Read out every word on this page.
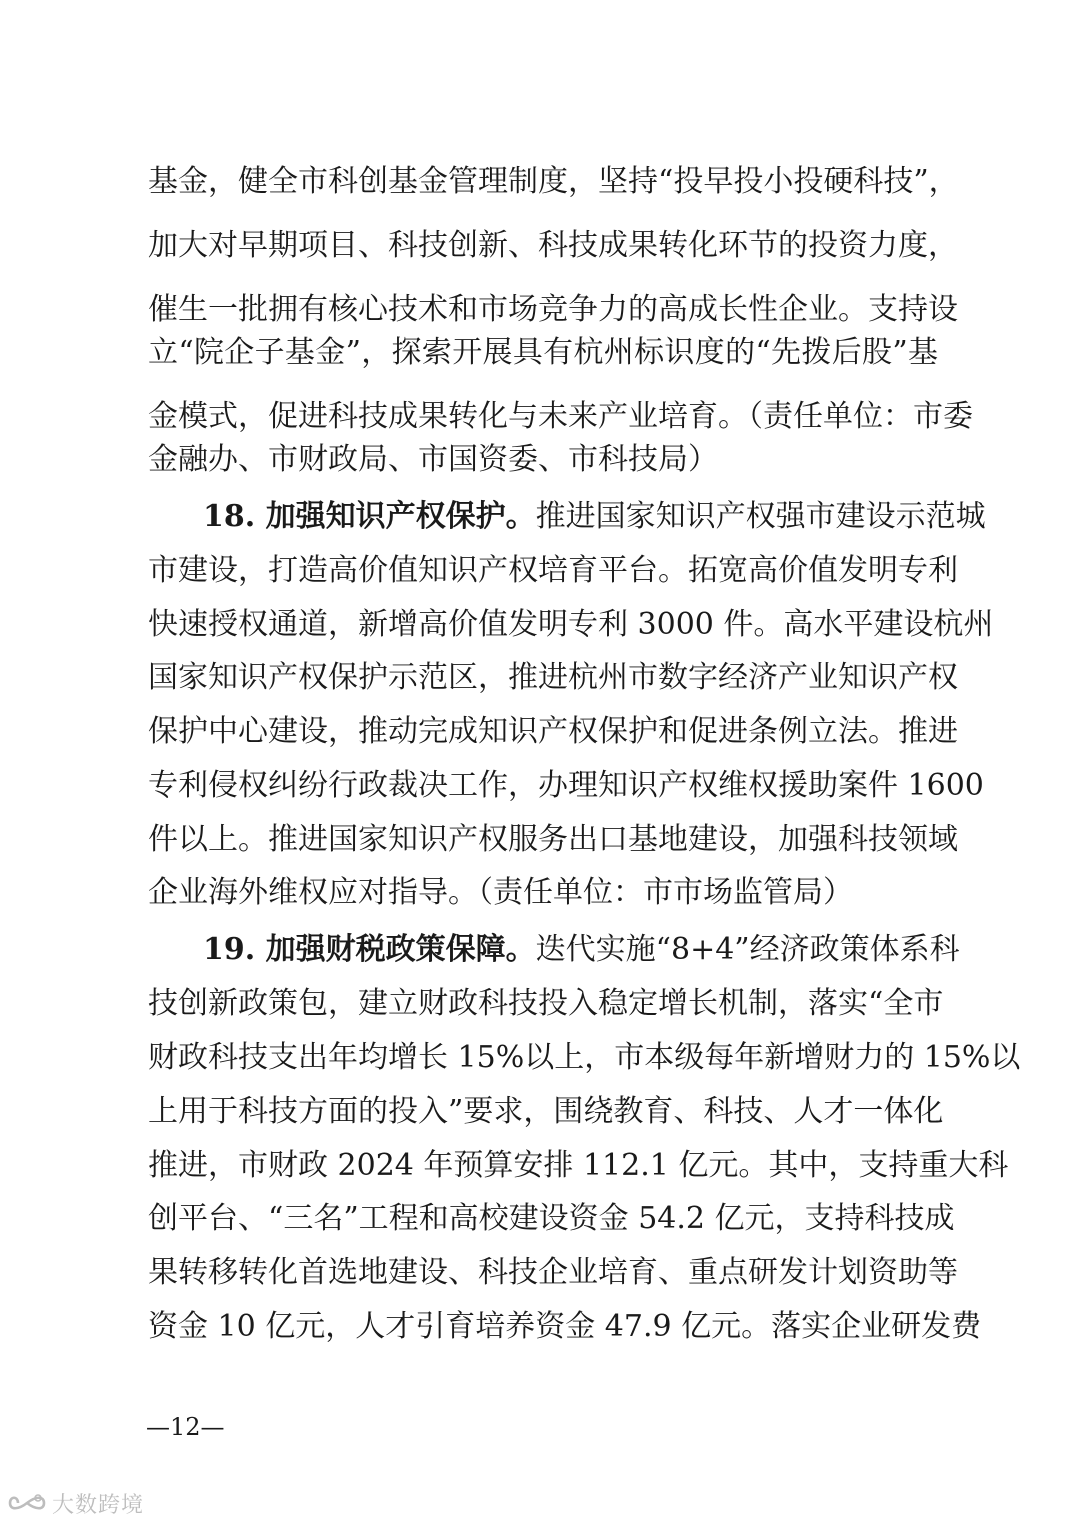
基金，健全市科创基金管理制度，坚持“投早投小投硬科技”，
加大对早期项目、科技创新、科技成果转化环节的投资力度，
催生一批拥有核心技术和市场竞争力的高成长性企业。支持设
立“院企子基金”，探索开展具有杭州标识度的“先拨后股”基
金模式，促进科技成果转化与未来产业培育。（责任单位：市委
金融办、市财政局、市国资委、市科技局）
18. 加强知识产权保护。推进国家知识产权强市建设示范城
市建设，打造高价值知识产权培育平台。拓宽高价值发明专利
快速授权通道，新增高价值发明专利 3000 件。高水平建设杭州
国家知识产权保护示范区，推进杭州市数字经济产业知识产权
保护中心建设，推动完成知识产权保护和促进条例立法。推进
专利侵权纠纷行政裁决工作，办理知识产权维权援助案件 1600
件以上。推进国家知识产权服务出口基地建设，加强科技领域
企业海外维权应对指导。（责任单位：市市场监管局）
19. 加强财税政策保障。迭代实施“8+4”经济政策体系科
技创新政策包，建立财政科技投入稳定增长机制，落实“全市
财政科技支出年均增长 15%以上，市本级每年新增财力的 15%以
上用于科技方面的投入”要求，围绕教育、科技、人才一体化
推进，市财政 2024 年预算安排 112.1 亿元。其中，支持重大科
创平台、“三名”工程和高校建设资金 54.2 亿元，支持科技成
果转移转化首选地建设、科技企业培育、重点研发计划资助等
资金 10 亿元，人才引育培养资金 47.9 亿元。落实企业研发费
—12—
大数跨境
